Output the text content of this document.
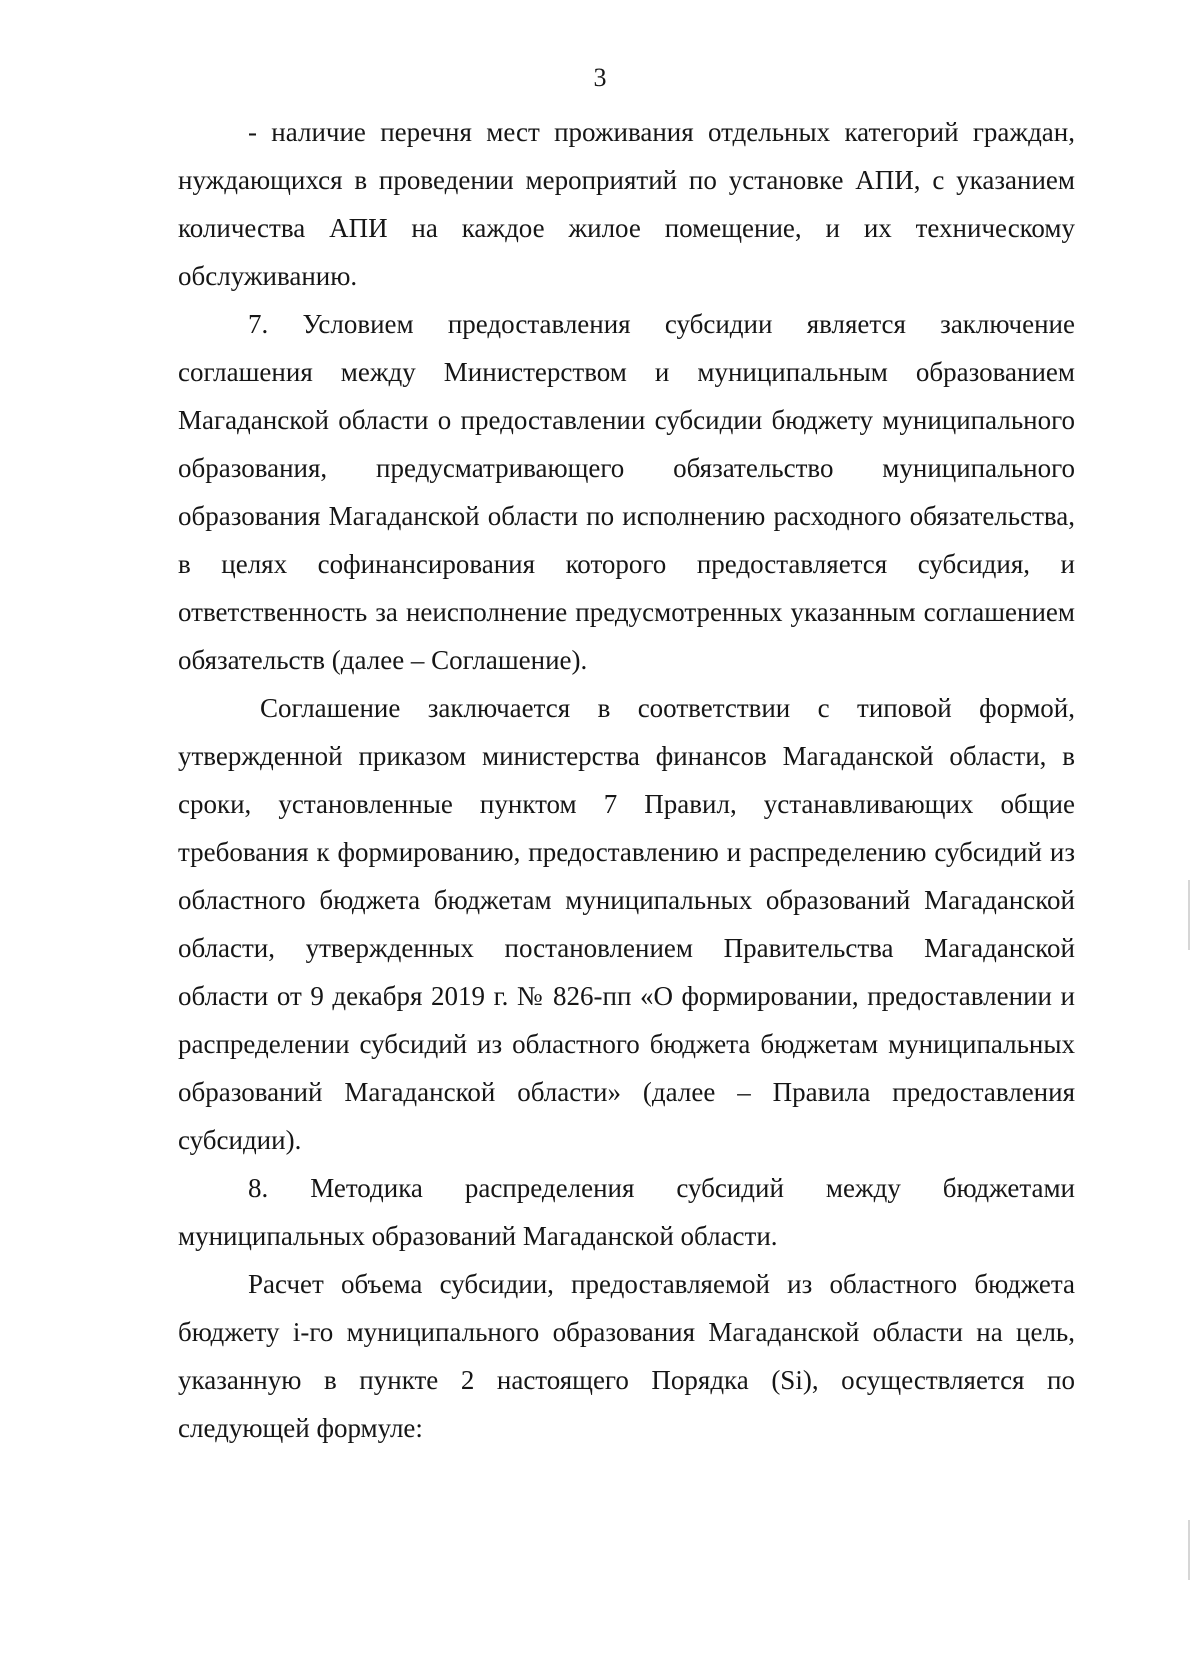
3

- наличие перечня мест проживания отдельных категорий граждан, нуждающихся в проведении мероприятий по установке АПИ, с указанием количества АПИ на каждое жилое помещение, и их техническому обслуживанию.

7. Условием предоставления субсидии является заключение соглашения между Министерством и муниципальным образованием Магаданской области о предоставлении субсидии бюджету муниципального образования, предусматривающего обязательство муниципального образования Магаданской области по исполнению расходного обязательства, в целях софинансирования которого предоставляется субсидия, и ответственность за неисполнение предусмотренных указанным соглашением обязательств (далее – Соглашение).

Соглашение заключается в соответствии с типовой формой, утвержденной приказом министерства финансов Магаданской области, в сроки, установленные пунктом 7 Правил, устанавливающих общие требования к формированию, предоставлению и распределению субсидий из областного бюджета бюджетам муниципальных образований Магаданской области, утвержденных постановлением Правительства Магаданской области от 9 декабря 2019 г. № 826-пп «О формировании, предоставлении и распределении субсидий из областного бюджета бюджетам муниципальных образований Магаданской области» (далее – Правила предоставления субсидии).

8. Методика распределения субсидий между бюджетами муниципальных образований Магаданской области.

Расчет объема субсидии, предоставляемой из областного бюджета бюджету i-го муниципального образования Магаданской области на цель, указанную в пункте 2 настоящего Порядка (Si), осуществляется по следующей формуле:
